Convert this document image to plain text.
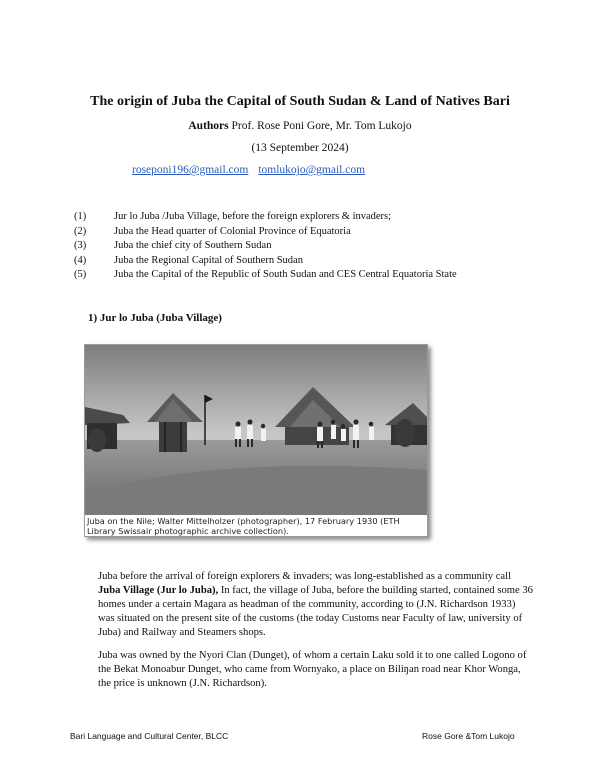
The origin of Juba the Capital of South Sudan & Land of Natives Bari
Authors Prof. Rose Poni Gore, Mr. Tom Lukojo
(13 September 2024)
roseponi196@gmail.com tomlukojo@gmail.com
(1)	Jur lo Juba /Juba Village, before the foreign explorers & invaders;
(2)	Juba the Head quarter of Colonial Province of Equatoria
(3)	Juba the chief city of Southern Sudan
(4)	Juba the Regional Capital of Southern Sudan
(5)	Juba the Capital of the Republic of South Sudan and CES Central Equatoria State
1) Jur lo Juba (Juba Village)
Juba on the Nile; Walter Mittelholzer (photographer), 17 February 1930 (ETH Library Swissair photographic archive collection).
Juba before the arrival of foreign explorers & invaders; was long-established as a community call Juba Village (Jur lo Juba), In fact, the village of Juba, before the building started, contained some 36 homes under a certain Magara as headman of the community, according to (J.N. Richardson 1933) was situated on the present site of the customs (the today Customs near Faculty of law, university of Juba) and Railway and Steamers shops.
Juba was owned by the Nyori Clan (Dunget), of whom a certain Laku sold it to one called Logono of the Bekat Monoabur Dunget, who came from Wornyako, a place on Biliŋan road near Khor Wonga, the price is unknown (J.N. Richardson).
Bari Language and Cultural Center, BLCC	Rose Gore &Tom Lukojo
